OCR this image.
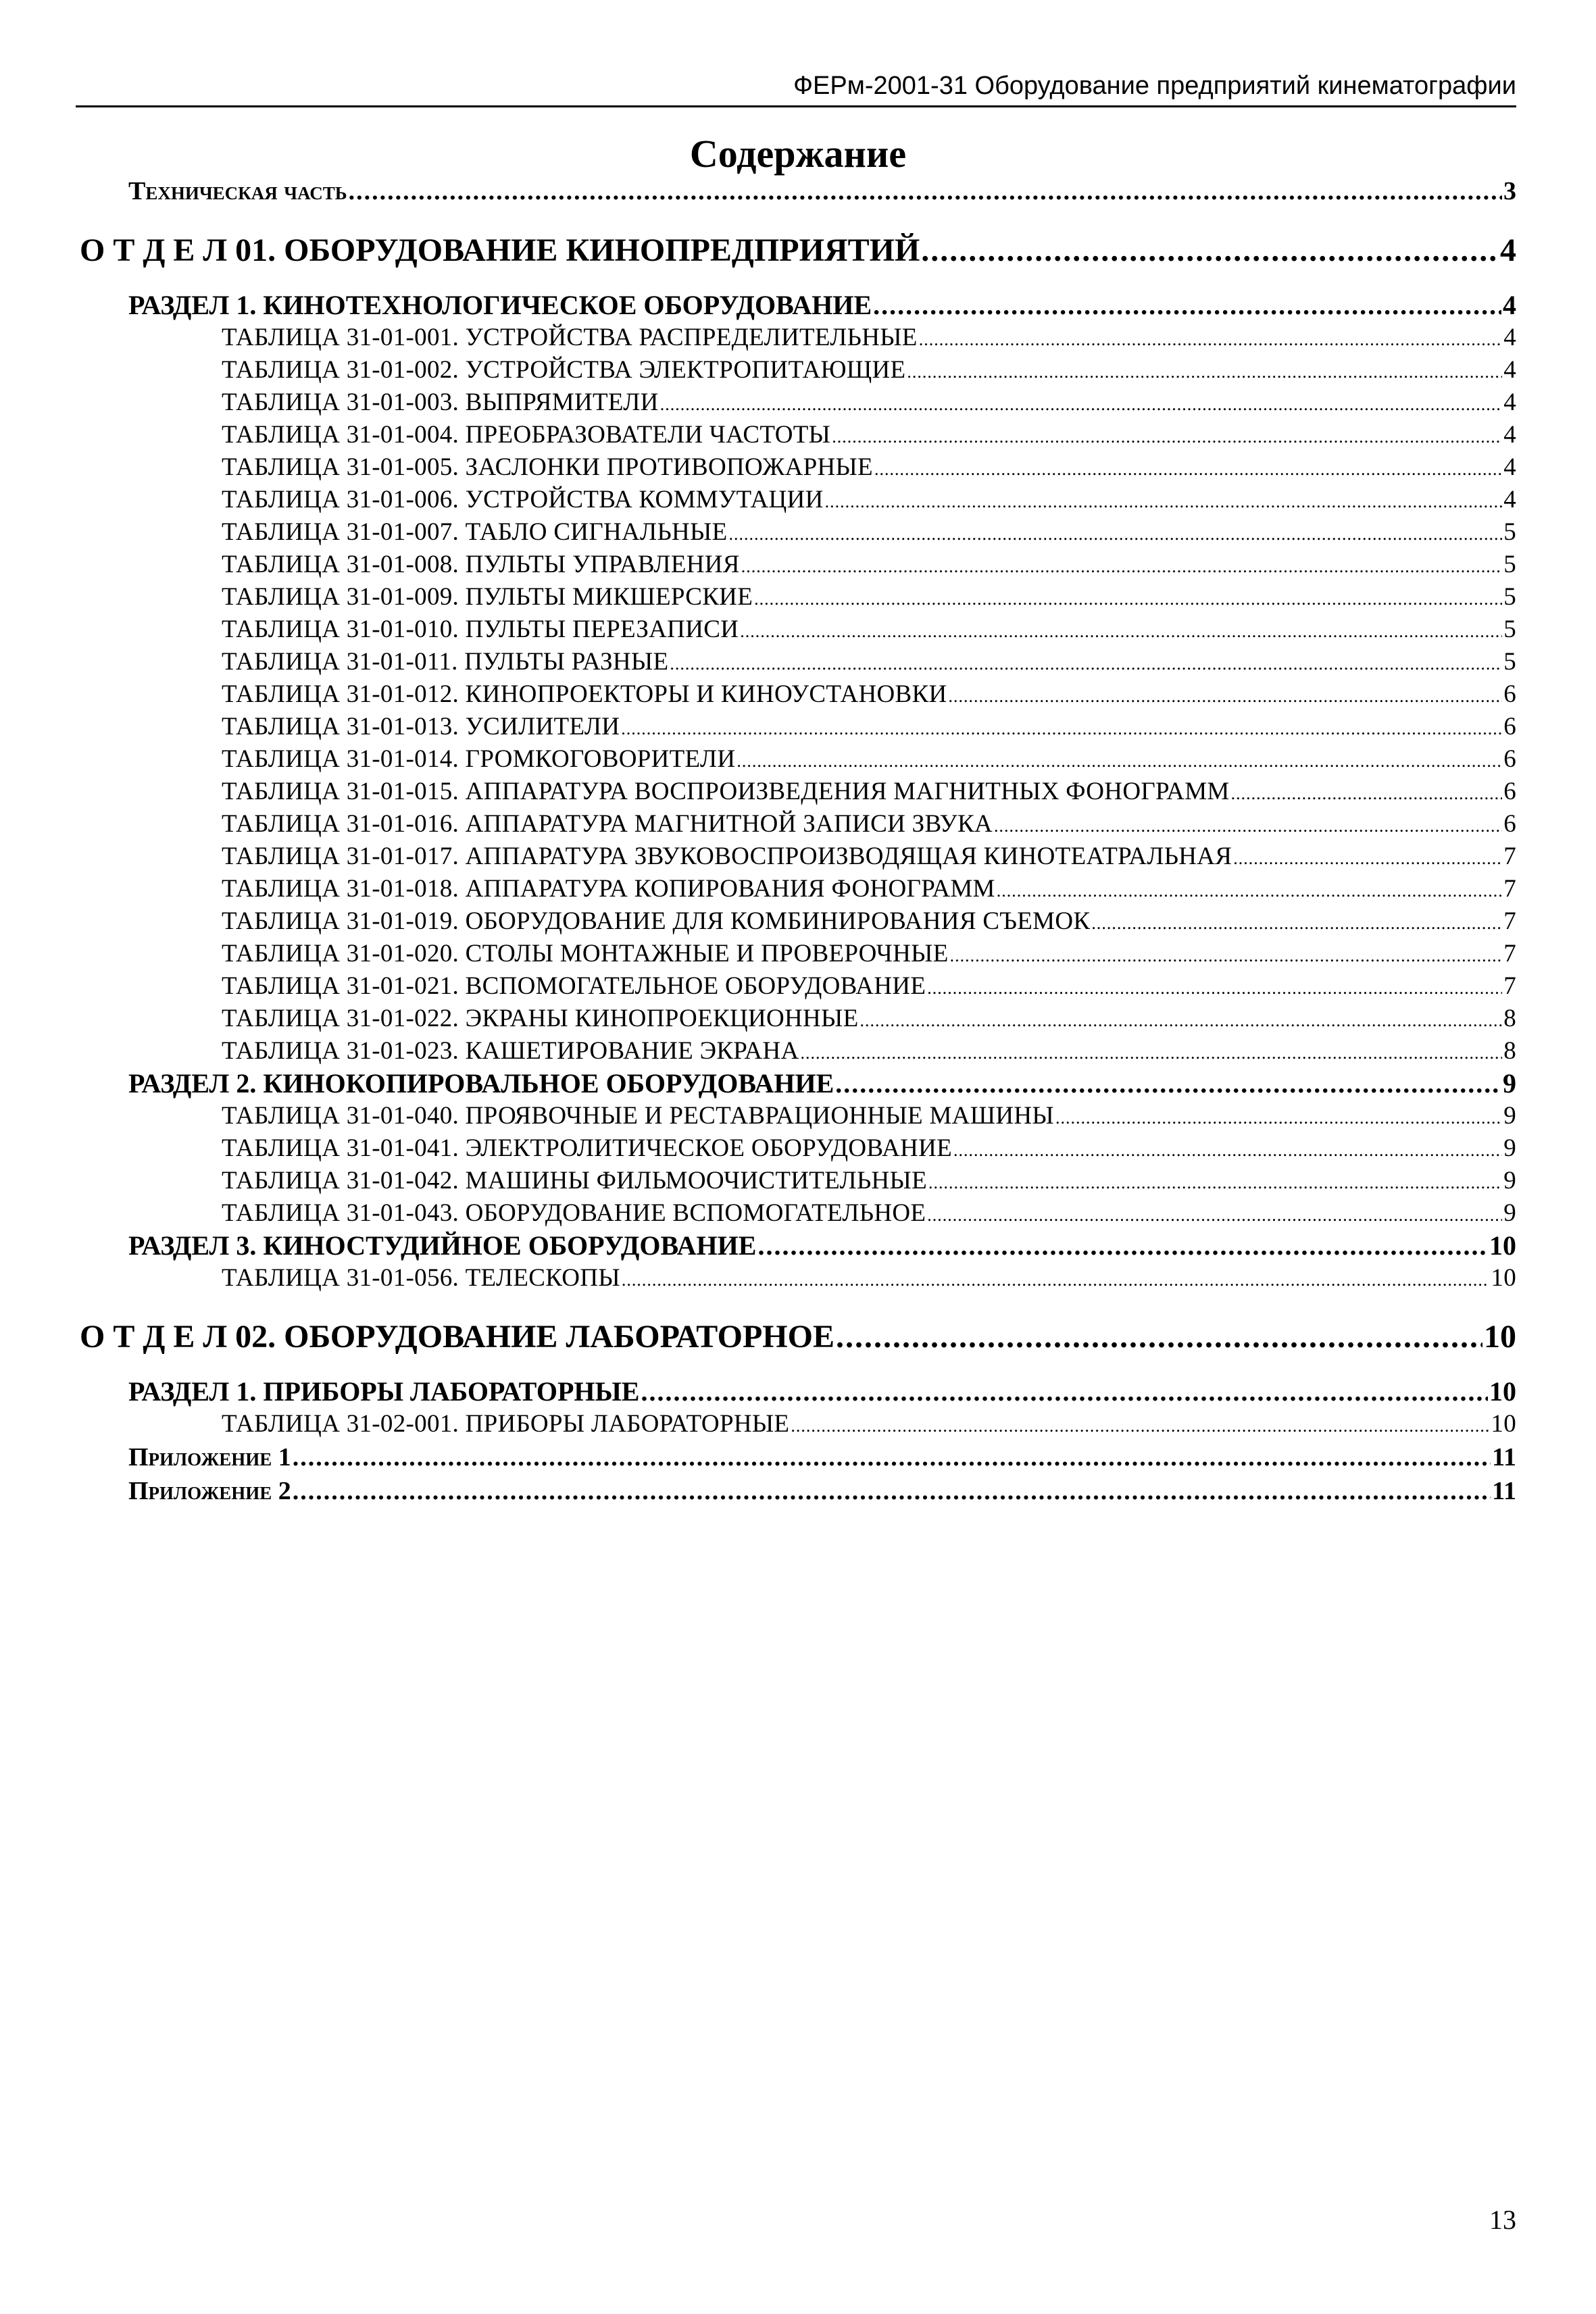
ФЕРм-2001-31 Оборудование предприятий кинематографии
Содержание
Техническая часть .....	3
О Т Д Е Л 01. ОБОРУДОВАНИЕ КИНОПРЕДПРИЯТИЙ .....	4
РАЗДЕЛ 1. КИНОТЕХНОЛОГИЧЕСКОЕ ОБОРУДОВАНИЕ .....	4
ТАБЛИЦА 31-01-001. УСТРОЙСТВА РАСПРЕДЕЛИТЕЛЬНЫЕ .....	4
ТАБЛИЦА 31-01-002. УСТРОЙСТВА ЭЛЕКТРОПИТАЮЩИЕ .....	4
ТАБЛИЦА 31-01-003. ВЫПРЯМИТЕЛИ .....	4
ТАБЛИЦА 31-01-004. ПРЕОБРАЗОВАТЕЛИ ЧАСТОТЫ .....	4
ТАБЛИЦА 31-01-005. ЗАСЛОНКИ ПРОТИВОПОЖАРНЫЕ .....	4
ТАБЛИЦА 31-01-006. УСТРОЙСТВА КОММУТАЦИИ .....	4
ТАБЛИЦА 31-01-007. ТАБЛО СИГНАЛЬНЫЕ .....	5
ТАБЛИЦА 31-01-008. ПУЛЬТЫ УПРАВЛЕНИЯ .....	5
ТАБЛИЦА 31-01-009. ПУЛЬТЫ МИКШЕРСКИЕ .....	5
ТАБЛИЦА 31-01-010. ПУЛЬТЫ ПЕРЕЗАПИСИ .....	5
ТАБЛИЦА 31-01-011. ПУЛЬТЫ РАЗНЫЕ .....	5
ТАБЛИЦА 31-01-012. КИНОПРОЕКТОРЫ И КИНОУСТАНОВКИ .....	6
ТАБЛИЦА 31-01-013. УСИЛИТЕЛИ .....	6
ТАБЛИЦА 31-01-014. ГРОМКОГОВОРИТЕЛИ .....	6
ТАБЛИЦА 31-01-015. АППАРАТУРА ВОСПРОИЗВЕДЕНИЯ МАГНИТНЫХ ФОНОГРАММ .....	6
ТАБЛИЦА 31-01-016. АППАРАТУРА МАГНИТНОЙ ЗАПИСИ ЗВУКА .....	6
ТАБЛИЦА 31-01-017. АППАРАТУРА ЗВУКОВОСПРОИЗВОДЯЩАЯ КИНОТЕАТРАЛЬНАЯ .....	7
ТАБЛИЦА 31-01-018. АППАРАТУРА КОПИРОВАНИЯ ФОНОГРАММ .....	7
ТАБЛИЦА 31-01-019. ОБОРУДОВАНИЕ ДЛЯ КОМБИНИРОВАНИЯ СЪЕМОК .....	7
ТАБЛИЦА 31-01-020. СТОЛЫ МОНТАЖНЫЕ И ПРОВЕРОЧНЫЕ .....	7
ТАБЛИЦА 31-01-021. ВСПОМОГАТЕЛЬНОЕ ОБОРУДОВАНИЕ .....	7
ТАБЛИЦА 31-01-022. ЭКРАНЫ КИНОПРОЕКЦИОННЫЕ .....	8
ТАБЛИЦА 31-01-023. КАШЕТИРОВАНИЕ ЭКРАНА .....	8
РАЗДЕЛ 2. КИНОКОПИРОВАЛЬНОЕ ОБОРУДОВАНИЕ .....	9
ТАБЛИЦА 31-01-040. ПРОЯВОЧНЫЕ И РЕСТАВРАЦИОННЫЕ МАШИНЫ .....	9
ТАБЛИЦА 31-01-041. ЭЛЕКТРОЛИТИЧЕСКОЕ ОБОРУДОВАНИЕ .....	9
ТАБЛИЦА 31-01-042. МАШИНЫ ФИЛЬМООЧИСТИТЕЛЬНЫЕ .....	9
ТАБЛИЦА 31-01-043. ОБОРУДОВАНИЕ ВСПОМОГАТЕЛЬНОЕ .....	9
РАЗДЕЛ 3. КИНОСТУДИЙНОЕ ОБОРУДОВАНИЕ .....	10
ТАБЛИЦА 31-01-056. ТЕЛЕСКОПЫ .....	10
О Т Д Е Л 02. ОБОРУДОВАНИЕ ЛАБОРАТОРНОЕ .....	10
РАЗДЕЛ 1. ПРИБОРЫ ЛАБОРАТОРНЫЕ .....	10
ТАБЛИЦА 31-02-001. ПРИБОРЫ ЛАБОРАТОРНЫЕ .....	10
Приложение 1 .....	11
Приложение 2 .....	11
13
